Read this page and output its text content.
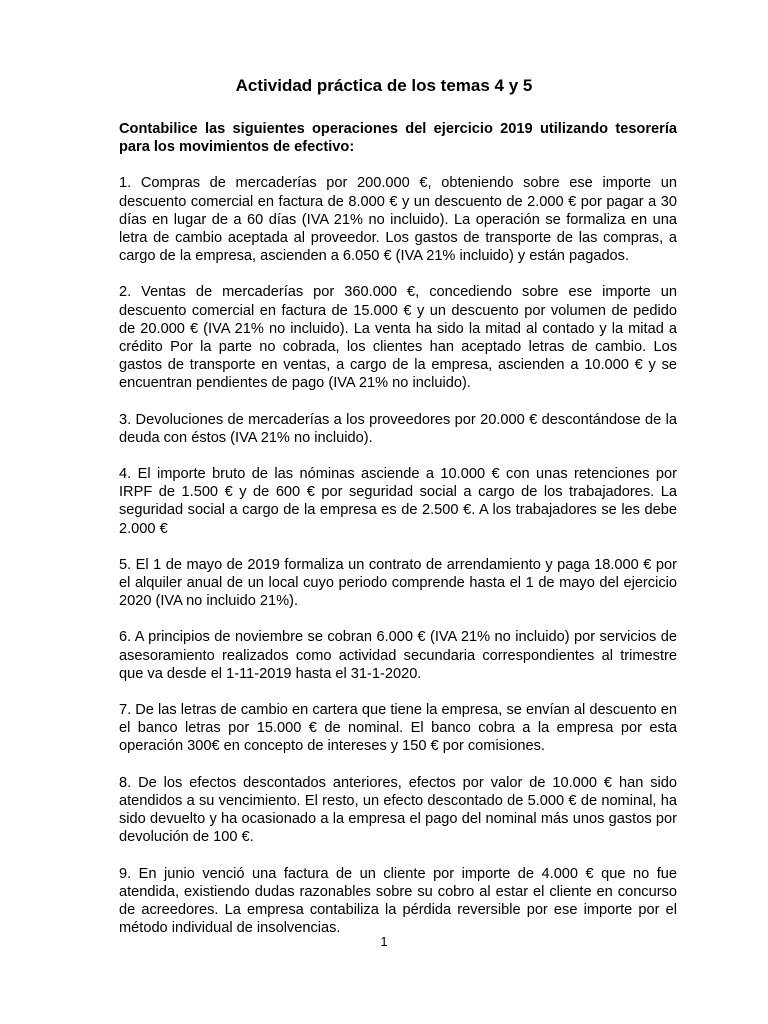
Actividad práctica de los temas 4 y 5

Contabilice las siguientes operaciones del ejercicio 2019 utilizando tesorería para los movimientos de efectivo:

1. Compras de mercaderías por 200.000 €, obteniendo sobre ese importe un descuento comercial en factura de 8.000 € y un descuento de 2.000 € por pagar a 30 días en lugar de a 60 días (IVA 21% no incluido). La operación se formaliza en una letra de cambio aceptada al proveedor. Los gastos de transporte de las compras, a cargo de la empresa, ascienden a 6.050 € (IVA 21% incluido) y están pagados.

2. Ventas de mercaderías por 360.000 €, concediendo sobre ese importe un descuento comercial en factura de 15.000 € y un descuento por volumen de pedido de 20.000 € (IVA 21% no incluido). La venta ha sido la mitad al contado y la mitad a crédito Por la parte no cobrada, los clientes han aceptado letras de cambio. Los gastos de transporte en ventas, a cargo de la empresa, ascienden a 10.000 € y se encuentran pendientes de pago (IVA 21% no incluido).

3. Devoluciones de mercaderías a los proveedores por 20.000 € descontándose de la deuda con éstos (IVA 21% no incluido).

4. El importe bruto de las nóminas asciende a 10.000 € con unas retenciones por IRPF de 1.500 € y de 600 € por seguridad social a cargo de los trabajadores. La seguridad social a cargo de la empresa es de 2.500 €. A los trabajadores se les debe 2.000 €

5. El 1 de mayo de 2019 formaliza un contrato de arrendamiento y paga 18.000 € por el alquiler anual de un local cuyo periodo comprende hasta el 1 de mayo del ejercicio 2020 (IVA no incluido 21%).

6. A principios de noviembre se cobran 6.000 € (IVA 21% no incluido) por servicios de asesoramiento realizados como actividad secundaria correspondientes al trimestre que va desde el 1-11-2019 hasta el 31-1-2020.

7. De las letras de cambio en cartera que tiene la empresa, se envían al descuento en el banco letras por 15.000 € de nominal. El banco cobra a la empresa por esta operación 300€ en concepto de intereses y 150 € por comisiones.

8. De los efectos descontados anteriores, efectos por valor de 10.000 € han sido atendidos a su vencimiento. El resto, un efecto descontado de 5.000 € de nominal, ha sido devuelto y ha ocasionado a la empresa el pago del nominal más unos gastos por devolución de 100 €.

9. En junio venció una factura de un cliente por importe de 4.000 € que no fue atendida, existiendo dudas razonables sobre su cobro al estar el cliente en concurso de acreedores. La empresa contabiliza la pérdida reversible por ese importe por el método individual de insolvencias.

1
